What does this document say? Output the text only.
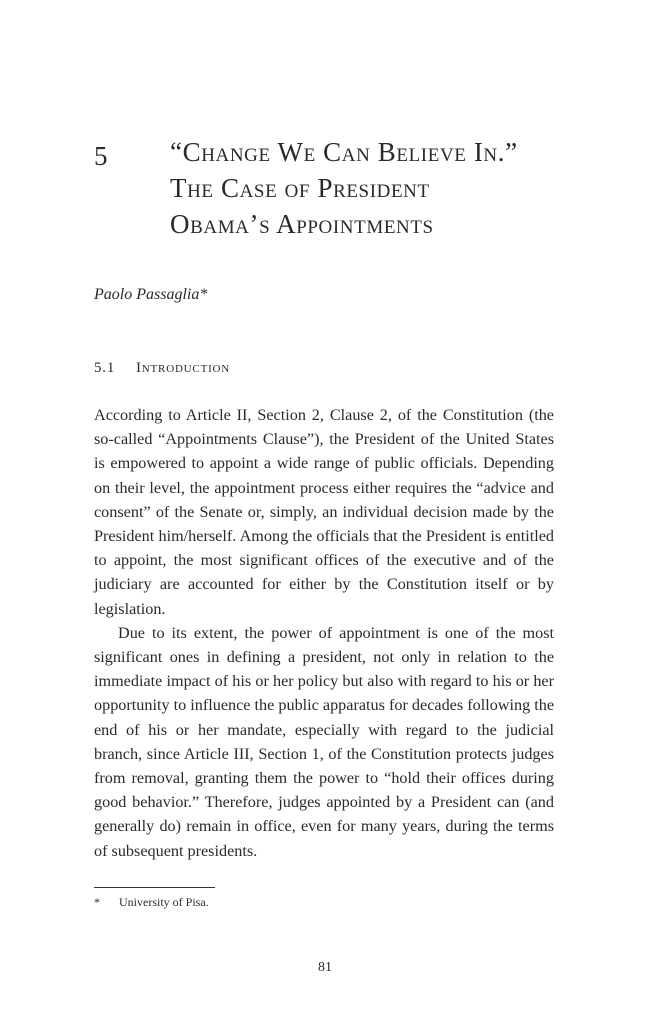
5 “Change We Can Believe In.”
The Case of President
Obama’s Appointments
Paolo Passaglia*
5.1 Introduction

According to Article II, Section 2, Clause 2, of the Constitution (the so-called “Appointments Clause”), the President of the United States is empowered to appoint a wide range of public officials. Depending on their level, the appointment process either requires the “advice and consent” of the Senate or, simply, an individual decision made by the President him/herself. Among the officials that the President is entitled to appoint, the most significant offices of the executive and of the judiciary are accounted for either by the Constitution itself or by legislation.

Due to its extent, the power of appointment is one of the most significant ones in defining a president, not only in relation to the immediate impact of his or her policy but also with regard to his or her opportunity to influence the public apparatus for decades following the end of his or her mandate, especially with regard to the judicial branch, since Article III, Section 1, of the Constitution protects judges from removal, granting them the power to “hold their offices during good behavior.” Therefore, judges appointed by a President can (and generally do) remain in office, even for many years, during the terms of subsequent presidents.

* University of Pisa.
81
